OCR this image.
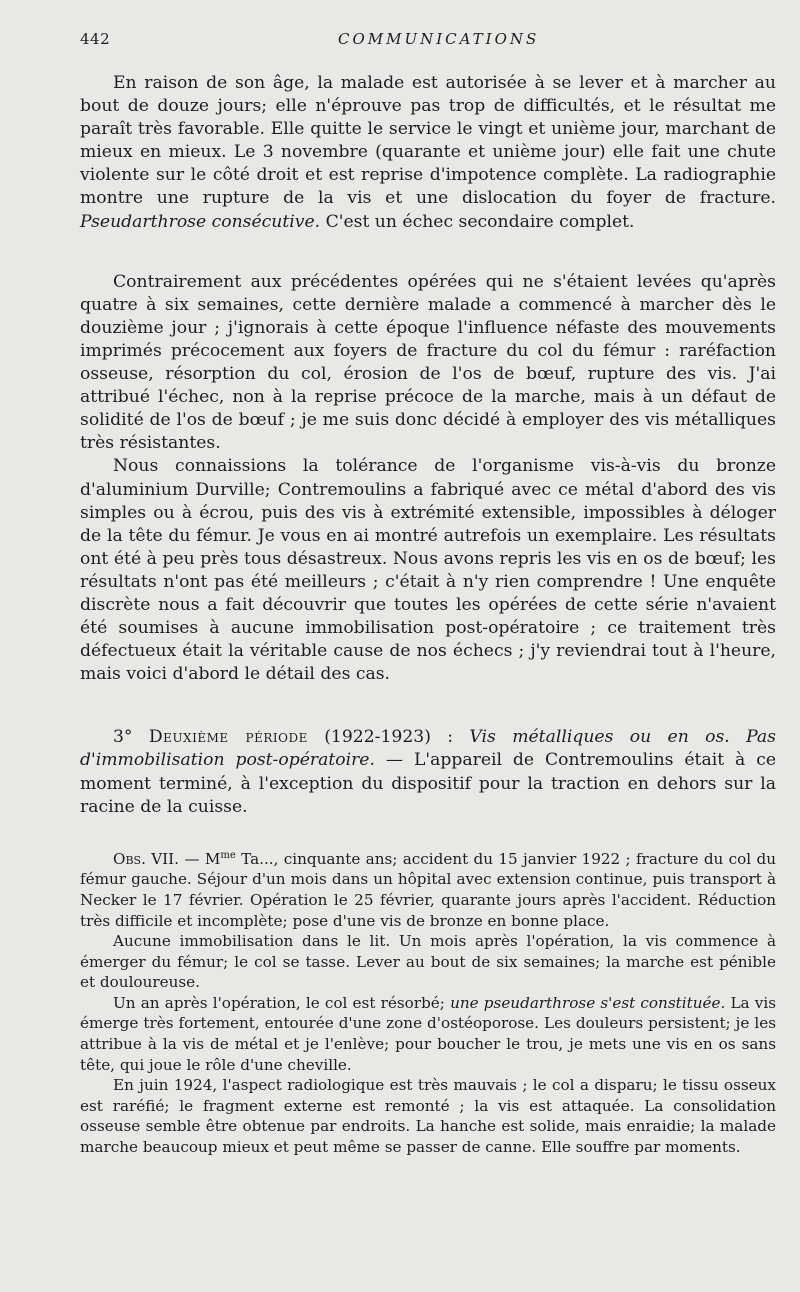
442	COMMUNICATIONS

En raison de son âge, la malade est autorisée à se lever et à marcher au bout de douze jours; elle n'éprouve pas trop de difficultés, et le résultat me paraît très favorable. Elle quitte le service le vingt et unième jour, marchant de mieux en mieux. Le 3 novembre (quarante et unième jour) elle fait une chute violente sur le côté droit et est reprise d'impotence complète. La radiographie montre une rupture de la vis et une dislocation du foyer de fracture. Pseudarthrose consécutive. C'est un échec secondaire complet.

Contrairement aux précédentes opérées qui ne s'étaient levées qu'après quatre à six semaines, cette dernière malade a commencé à marcher dès le douzième jour ; j'ignorais à cette époque l'influence néfaste des mouvements imprimés précocement aux foyers de fracture du col du fémur : raréfaction osseuse, résorption du col, érosion de l'os de bœuf, rupture des vis. J'ai attribué l'échec, non à la reprise précoce de la marche, mais à un défaut de solidité de l'os de bœuf ; je me suis donc décidé à employer des vis métalliques très résistantes.

Nous connaissions la tolérance de l'organisme vis-à-vis du bronze d'aluminium Durville; Contremoulins a fabriqué avec ce métal d'abord des vis simples ou à écrou, puis des vis à extrémité extensible, impossibles à déloger de la tête du fémur. Je vous en ai montré autrefois un exemplaire. Les résultats ont été à peu près tous désastreux. Nous avons repris les vis en os de bœuf; les résultats n'ont pas été meilleurs ; c'était à n'y rien comprendre ! Une enquête discrète nous a fait découvrir que toutes les opérées de cette série n'avaient été soumises à aucune immobilisation post-opératoire ; ce traitement très défectueux était la véritable cause de nos échecs ; j'y reviendrai tout à l'heure, mais voici d'abord le détail des cas.

3° Deuxième période (1922-1923) : Vis métalliques ou en os. Pas d'immobilisation post-opératoire. — L'appareil de Contremoulins était à ce moment terminé, à l'exception du dispositif pour la traction en dehors sur la racine de la cuisse.

Obs. VII. — $M^{me}$ Ta..., cinquante ans; accident du 15 janvier 1922 ; fracture du col du fémur gauche. Séjour d'un mois dans un hôpital avec extension continue, puis transport à Necker le 17 février. Opération le 25 février, quarante jours après l'accident. Réduction très difficile et incomplète; pose d'une vis de bronze en bonne place.

Aucune immobilisation dans le lit. Un mois après l'opération, la vis commence à émerger du fémur; le col se tasse. Lever au bout de six semaines; la marche est pénible et douloureuse.

Un an après l'opération, le col est résorbé; une pseudarthrose s'est constituée. La vis émerge très fortement, entourée d'une zone d'ostéoporose. Les douleurs persistent; je les attribue à la vis de métal et je l'enlève; pour boucher le trou, je mets une vis en os sans tête, qui joue le rôle d'une cheville.

En juin 1924, l'aspect radiologique est très mauvais ; le col a disparu; le tissu osseux est raréfié; le fragment externe est remonté ; la vis est attaquée. La consolidation osseuse semble être obtenue par endroits. La hanche est solide, mais enraidie; la malade marche beaucoup mieux et peut même se passer de canne. Elle souffre par moments.
